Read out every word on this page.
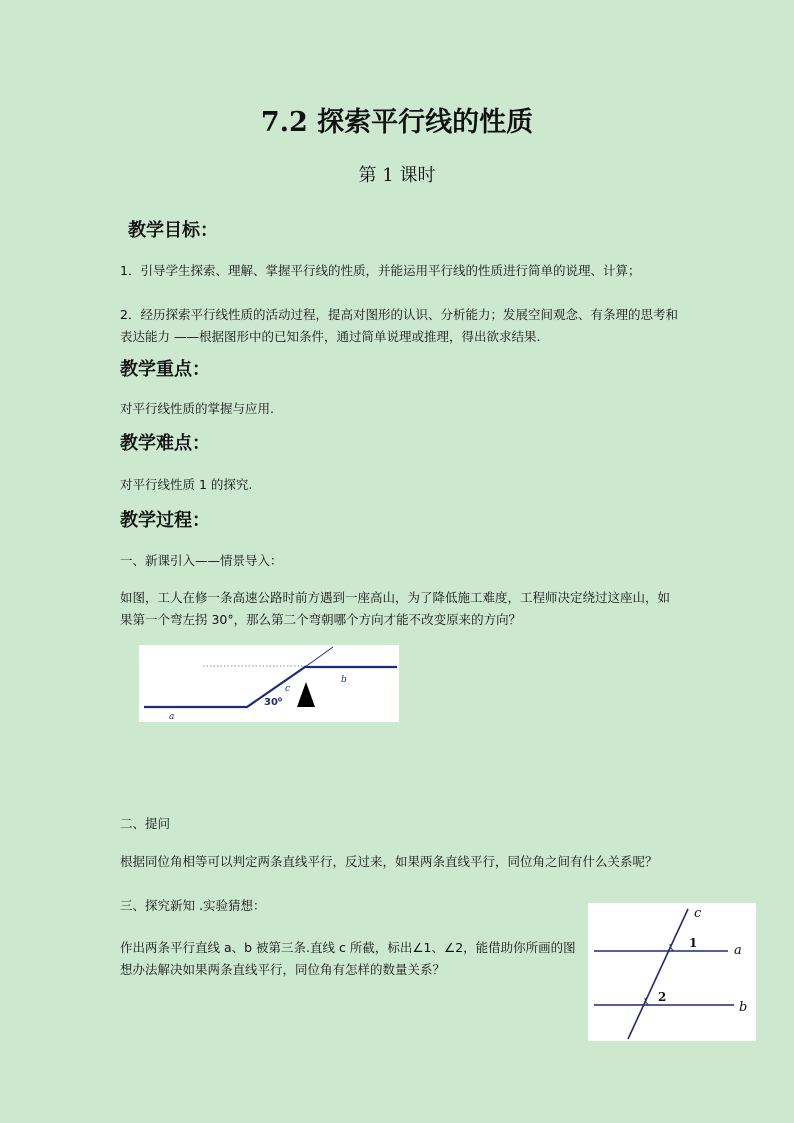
7.2 探索平行线的性质
第 1 课时
教学目标：
1．引导学生探索、理解、掌握平行线的性质，并能运用平行线的性质进行简单的说理、计算；
2．经历探索平行线性质的活动过程，提高对图形的认识、分析能力；发展空间观念、有条理的思考和表达能力 ——根据图形中的已知条件，通过简单说理或推理，得出欲求结果.
教学重点：
对平行线性质的掌握与应用.
教学难点：
对平行线性质 1 的探究.
教学过程：
一、新课引入——情景导入：
如图，工人在修一条高速公路时前方遇到一座高山，为了降低施工难度，工程师决定绕过这座山，如果第一个弯左拐 30°，那么第二个弯朝哪个方向才能不改变原来的方向？
30⁰
c
b
a
二、提问
根据同位角相等可以判定两条直线平行，反过来，如果两条直线平行，同位角之间有什么关系呢？
三、探究新知 .实验猜想：
作出两条平行直线 a、b 被第三条.直线 c 所截，标出∠1、∠2，能借助你所画的图想办法解决如果两条直线平行，同位角有怎样的数量关系？
1
2
c
a
b
